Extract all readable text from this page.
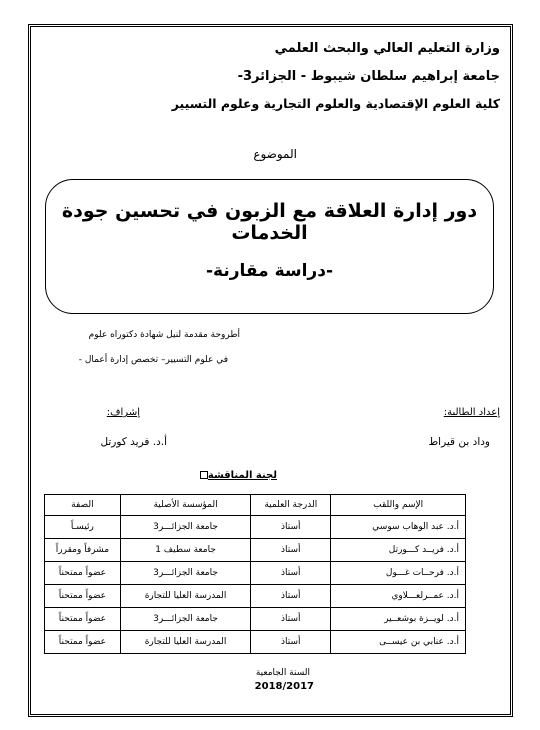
وزارة التعليم العالي والبحث العلمي
جامعة إبراهيم سلطان شيبوط - الجزائر3-
كلية العلوم الإقتصادية والعلوم التجارية وعلوم التسيير
الموضوع
دور إدارة العلاقة مع الزبون في تحسين جودة الخدمات
-دراسة مقارنة-
أطروحة مقدمة لنيل شهادة دكتوراه علوم
في علوم التسيير– تخصص إدارة أعمال -
إعداد الطالبة:
وداد بن قيراط
إشراف:
أ.د. فريد كورتل
لجنة المناقشة
الإسم واللقب	الدرجة العلمية	المؤسسة الأصلية	الصفة
أ.د. عبد الوهاب سوسي	أستاذ	جامعة الجزائـــر3	رئيسـاً
أ.د. فريــد كـــورتل	أستاذ	جامعة سطيف 1	مشرفاً ومقرراً
أ.د. فرحــات غـــول	أستاذ	جامعة الجزائـــر3	عضواً ممتحناً
أ.د. عمــرلعـــلاوي	أستاذ	المدرسة العليا للتجارة	عضواً ممتحناً
أ.د. لويــزة بوشعــير	أستاذ	جامعة الجزائـــر3	عضواً ممتحناً
أ.د. عنابي بن عيســى	أستاذ	المدرسة العليا للتجارة	عضواً ممتحناً
السنة الجامعية
2018/2017
